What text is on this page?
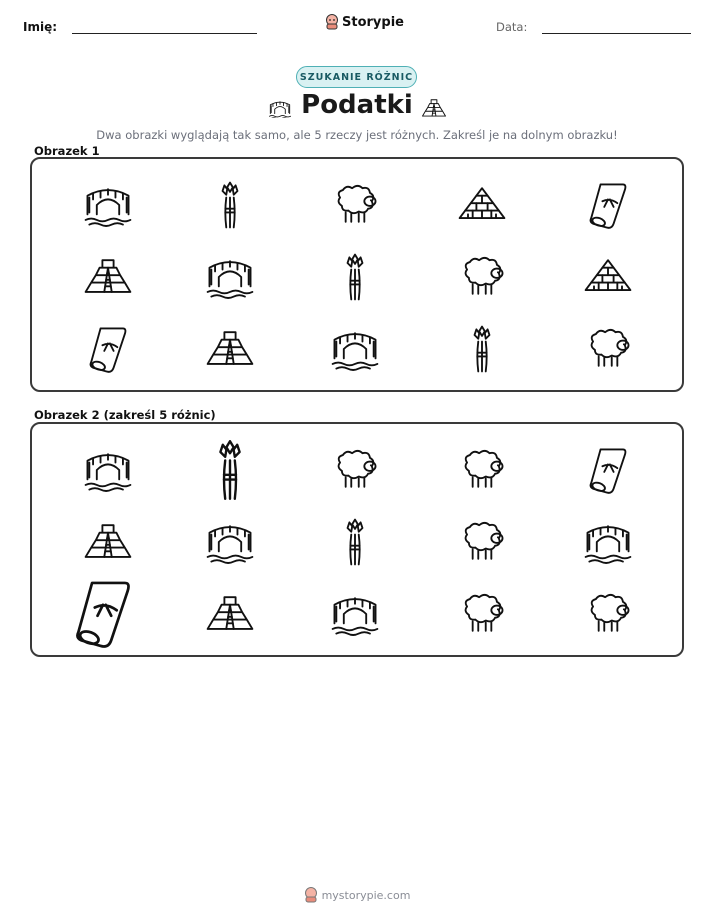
Imię:	Storypie	Data:
SZUKANIE RÓŻNIC
Podatki
Dwa obrazki wyglądają tak samo, ale 5 rzeczy jest różnych. Zakreśl je na dolnym obrazku!
Obrazek 1
Obrazek 2 (zakreśl 5 różnic)
mystorypie.com
